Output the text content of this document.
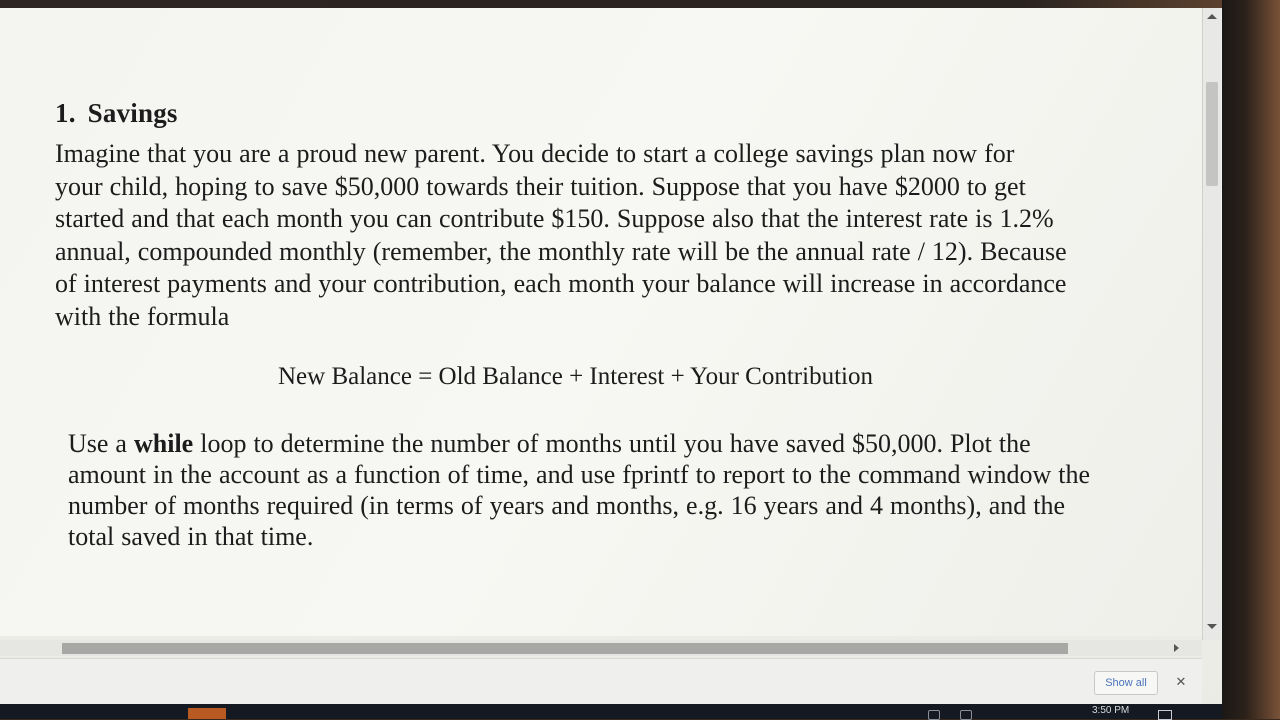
1. Savings
Imagine that you are a proud new parent. You decide to start a college savings plan now for
your child, hoping to save $50,000 towards their tuition. Suppose that you have $2000 to get
started and that each month you can contribute $150. Suppose also that the interest rate is 1.2%
annual, compounded monthly (remember, the monthly rate will be the annual rate / 12). Because
of interest payments and your contribution, each month your balance will increase in accordance
with the formula
New Balance = Old Balance + Interest + Your Contribution
Use a while loop to determine the number of months until you have saved $50,000. Plot the
amount in the account as a function of time, and use fprintf to report to the command window the
number of months required (in terms of years and months, e.g. 16 years and 4 months), and the
total saved in that time.
Show all	✕
3:50 PM
